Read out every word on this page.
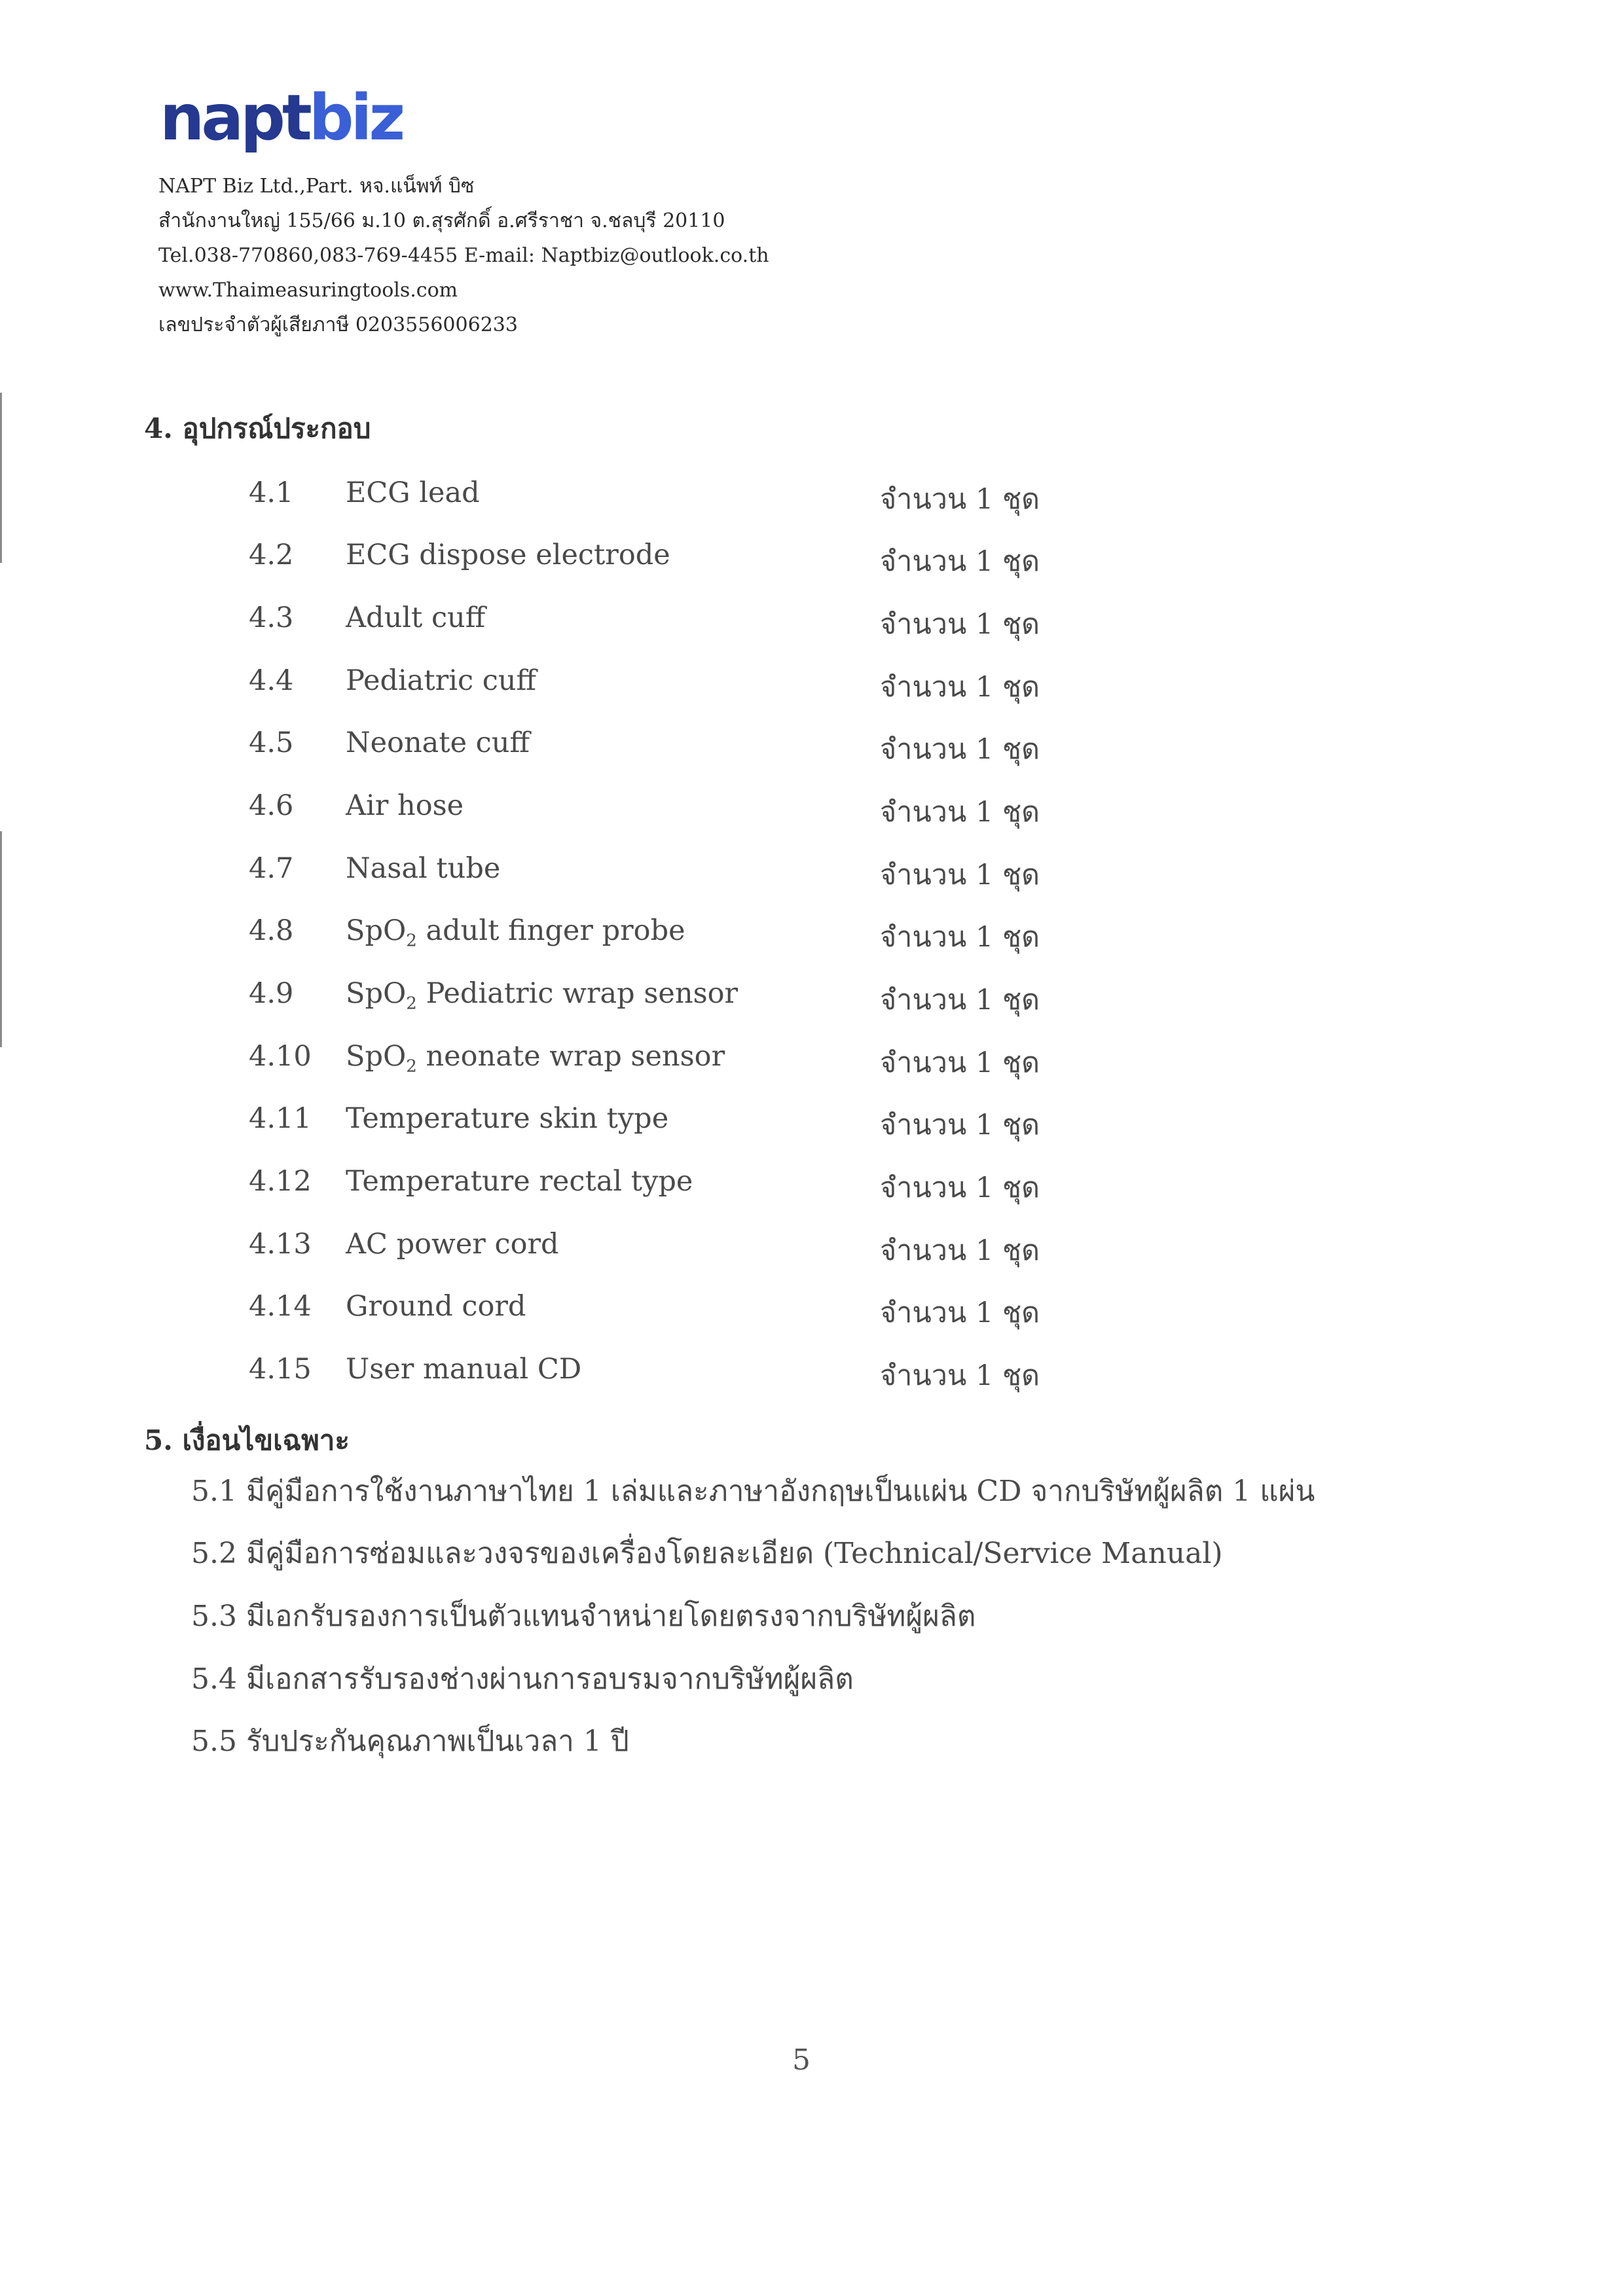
naptbiz
NAPT Biz Ltd.,Part. หจ.แน็พท์ บิซ
สำนักงานใหญ่ 155/66 ม.10 ต.สุรศักดิ์ อ.ศรีราชา จ.ชลบุรี 20110
Tel.038-770860,083-769-4455 E-mail: Naptbiz@outlook.co.th
www.Thaimeasuringtools.com
เลขประจำตัวผู้เสียภาษี 0203556006233
4. อุปกรณ์ประกอบ
4.1 ECG lead	จำนวน 1 ชุด
4.2 ECG dispose electrode	จำนวน 1 ชุด
4.3 Adult cuff	จำนวน 1 ชุด
4.4 Pediatric cuff	จำนวน 1 ชุด
4.5 Neonate cuff	จำนวน 1 ชุด
4.6 Air hose	จำนวน 1 ชุด
4.7 Nasal tube	จำนวน 1 ชุด
4.8 SpO$_2$ adult finger probe	จำนวน 1 ชุด
4.9 SpO$_2$ Pediatric wrap sensor	จำนวน 1 ชุด
4.10 SpO$_2$ neonate wrap sensor	จำนวน 1 ชุด
4.11 Temperature skin type	จำนวน 1 ชุด
4.12 Temperature rectal type	จำนวน 1 ชุด
4.13 AC power cord	จำนวน 1 ชุด
4.14 Ground cord	จำนวน 1 ชุด
4.15 User manual CD	จำนวน 1 ชุด
5. เงื่อนไขเฉพาะ
5.1 มีคู่มือการใช้งานภาษาไทย 1 เล่มและภาษาอังกฤษเป็นแผ่น CD จากบริษัทผู้ผลิต 1 แผ่น
5.2 มีคู่มือการซ่อมและวงจรของเครื่องโดยละเอียด (Technical/Service Manual)
5.3 มีเอกรับรองการเป็นตัวแทนจำหน่ายโดยตรงจากบริษัทผู้ผลิต
5.4 มีเอกสารรับรองช่างผ่านการอบรมจากบริษัทผู้ผลิต
5.5 รับประกันคุณภาพเป็นเวลา 1 ปี
5
